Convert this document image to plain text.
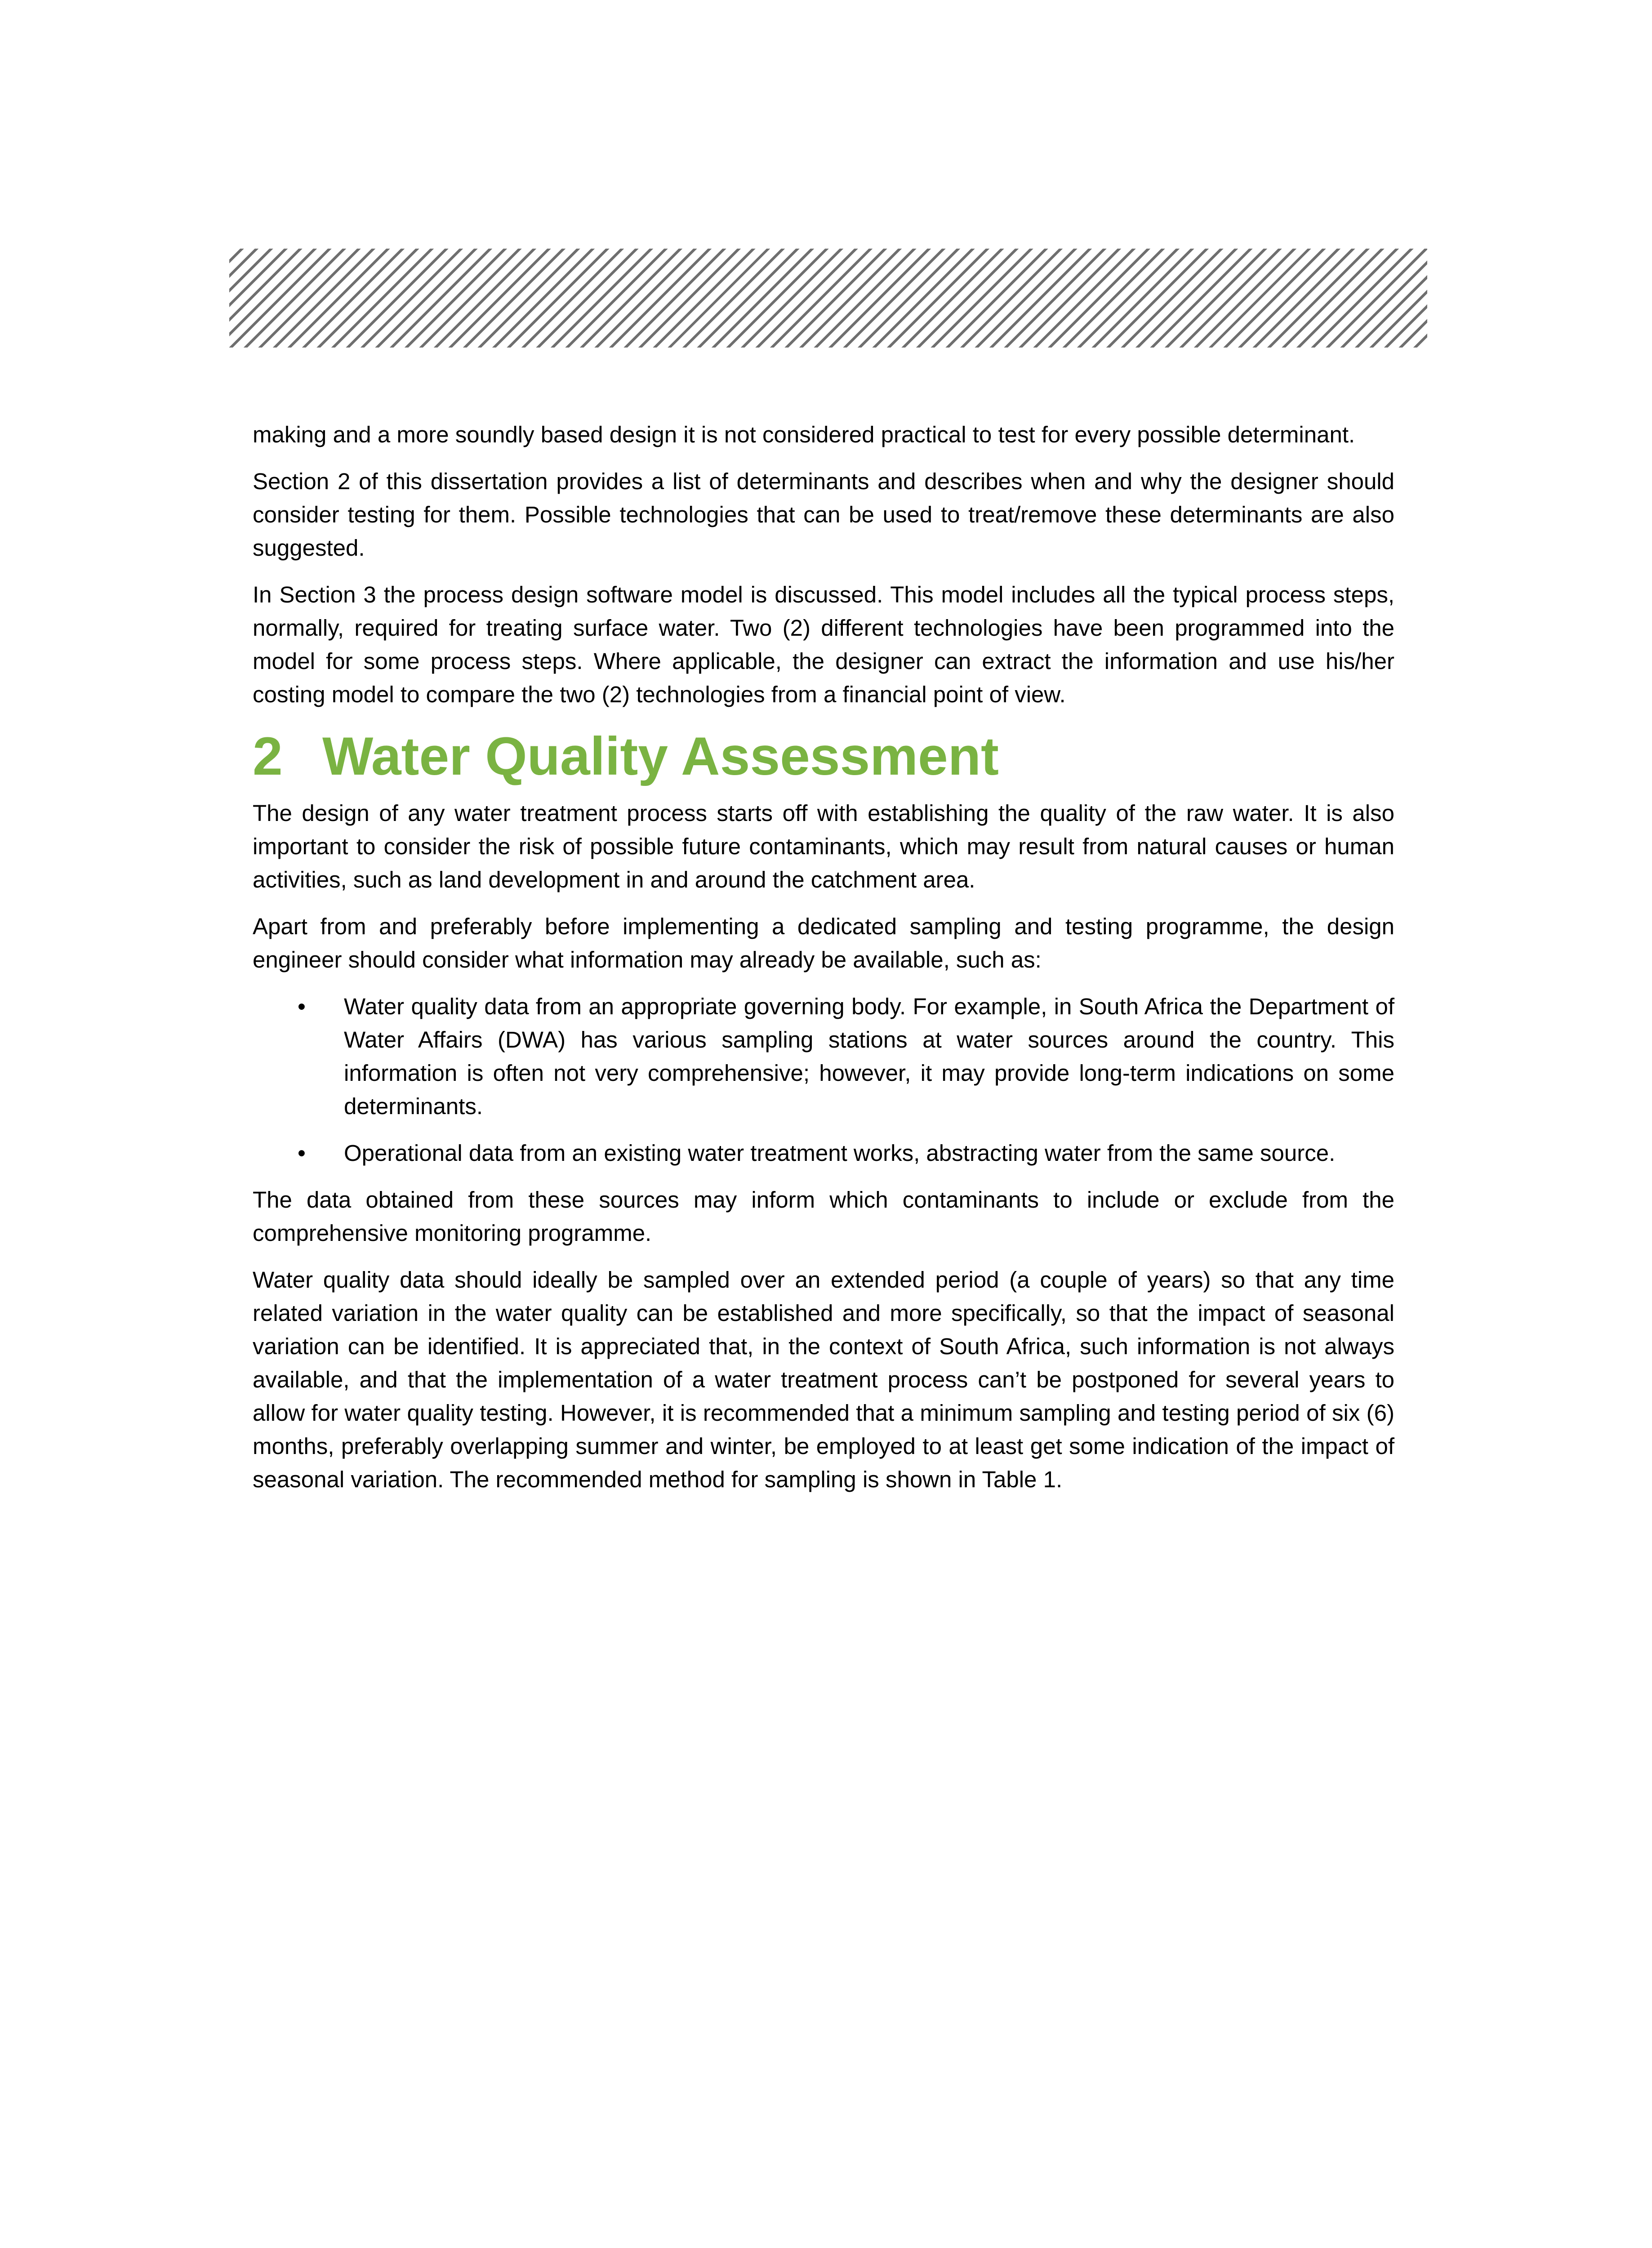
making and a more soundly based design it is not considered practical to test for every possible determinant.

Section 2 of this dissertation provides a list of determinants and describes when and why the designer should consider testing for them. Possible technologies that can be used to treat/remove these determinants are also suggested.

In Section 3 the process design software model is discussed. This model includes all the typical process steps, normally, required for treating surface water. Two (2) different technologies have been programmed into the model for some process steps. Where applicable, the designer can extract the information and use his/her costing model to compare the two (2) technologies from a financial point of view.

2 Water Quality Assessment

The design of any water treatment process starts off with establishing the quality of the raw water. It is also important to consider the risk of possible future contaminants, which may result from natural causes or human activities, such as land development in and around the catchment area.

Apart from and preferably before implementing a dedicated sampling and testing programme, the design engineer should consider what information may already be available, such as:

• Water quality data from an appropriate governing body. For example, in South Africa the Department of Water Affairs (DWA) has various sampling stations at water sources around the country. This information is often not very comprehensive; however, it may provide long-term indications on some determinants.
• Operational data from an existing water treatment works, abstracting water from the same source.

The data obtained from these sources may inform which contaminants to include or exclude from the comprehensive monitoring programme.

Water quality data should ideally be sampled over an extended period (a couple of years) so that any time related variation in the water quality can be established and more specifically, so that the impact of seasonal variation can be identified. It is appreciated that, in the context of South Africa, such information is not always available, and that the implementation of a water treatment process can’t be postponed for several years to allow for water quality testing. However, it is recommended that a minimum sampling and testing period of six (6) months, preferably overlapping summer and winter, be employed to at least get some indication of the impact of seasonal variation. The recommended method for sampling is shown in Table 1.
